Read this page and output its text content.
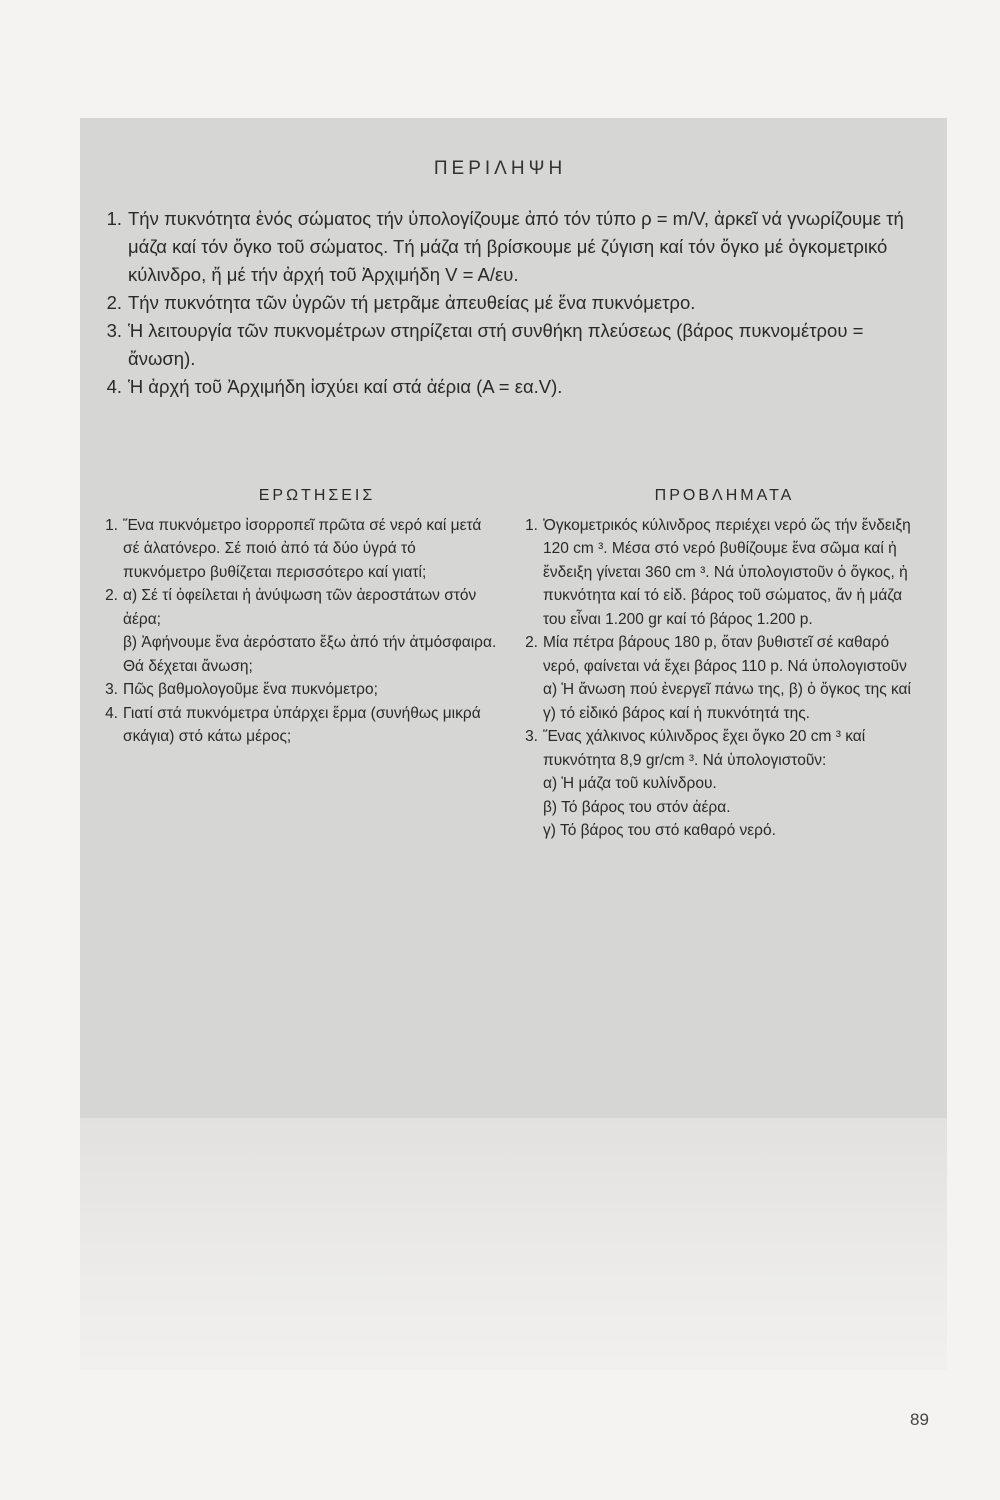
ΠΕΡΙΛΗΨΗ
1. Τήν πυκνότητα ἑνός σώματος τήν ὑπολογίζουμε ἀπό τόν τύπο ρ = m/V, ἀρκεῖ νά γνωρίζουμε τή μάζα καί τόν ὄγκο τοῦ σώματος. Τή μάζα τή βρίσκουμε μέ ζύγιση καί τόν ὄγκο μέ ὀγκομετρικό κύλινδρο, ἤ μέ τήν ἀρχή τοῦ Ἀρχιμήδη V = A/ευ.
2. Τήν πυκνότητα τῶν ὑγρῶν τή μετρᾶμε ἀπευθείας μέ ἕνα πυκνόμετρο.
3. Ἡ λειτουργία τῶν πυκνομέτρων στηρίζεται στή συνθήκη πλεύσεως (βάρος πυκνομέτρου = ἄνωση).
4. Ἡ ἀρχή τοῦ Ἀρχιμήδη ἰσχύει καί στά ἀέρια (Α = εα.V).
ΕΡΩΤΗΣΕΙΣ
1. Ἕνα πυκνόμετρο ἰσορροπεῖ πρῶτα σέ νερό καί μετά σέ ἁλατόνερο. Σέ ποιό ἀπό τά δύο ὑγρά τό πυκνόμετρο βυθίζεται περισσότερο καί γιατί;
2. α) Σέ τί ὀφείλεται ἡ ἀνύψωση τῶν ἀεροστάτων στόν ἀέρα;
β) Ἀφήνουμε ἕνα ἀερόστατο ἔξω ἀπό τήν ἀτμόσφαιρα. Θά δέχεται ἄνωση;
3. Πῶς βαθμολογοῦμε ἕνα πυκνόμετρο;
4. Γιατί στά πυκνόμετρα ὑπάρχει ἕρμα (συνήθως μικρά σκάγια) στό κάτω μέρος;
ΠΡΟΒΛΗΜΑΤΑ
1. Ὀγκομετρικός κύλινδρος περιέχει νερό ὥς τήν ἔνδειξη 120 cm ³. Μέσα στό νερό βυθίζουμε ἕνα σῶμα καί ἡ ἔνδειξη γίνεται 360 cm ³. Νά ὑπολογιστοῦν ὁ ὄγκος, ἡ πυκνότητα καί τό εἰδ. βάρος τοῦ σώματος, ἄν ἡ μάζα του εἶναι 1.200 gr καί τό βάρος 1.200 p.
2. Μία πέτρα βάρους 180 p, ὅταν βυθιστεῖ σέ καθαρό νερό, φαίνεται νά ἔχει βάρος 110 p. Νά ὑπολογιστοῦν α) Ἡ ἄνωση πού ἐνεργεῖ πάνω της, β) ὁ ὄγκος της καί γ) τό εἰδικό βάρος καί ἡ πυκνότητά της.
3. Ἕνας χάλκινος κύλινδρος ἔχει ὄγκο 20 cm ³ καί πυκνότητα 8,9 gr/cm ³. Νά ὑπολογιστοῦν:
α) Ἡ μάζα τοῦ κυλίνδρου.
β) Τό βάρος του στόν ἀέρα.
γ) Τό βάρος του στό καθαρό νερό.
89
